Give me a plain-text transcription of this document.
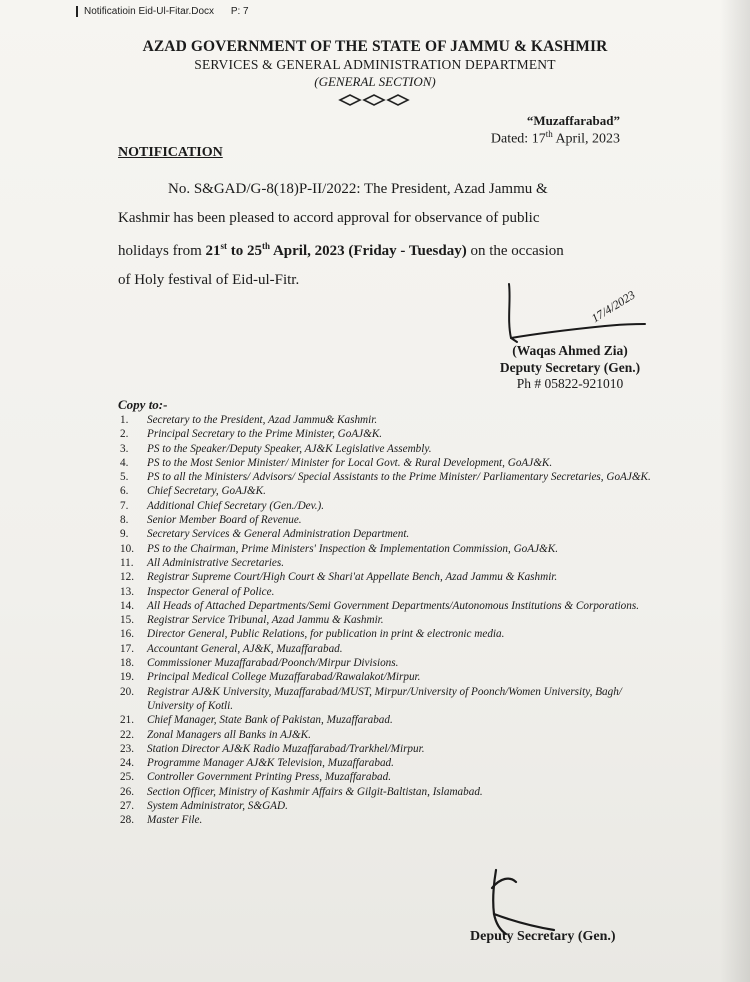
Notificatioin Eid-Ul-Fitar.Docx P: 7
AZAD GOVERNMENT OF THE STATE OF JAMMU & KASHMIR
SERVICES & GENERAL ADMINISTRATION DEPARTMENT
(GENERAL SECTION)
“Muzaffarabad”
Dated: 17th April, 2023
NOTIFICATION
No. S&GAD/G-8(18)P-II/2022: The President, Azad Jammu &
Kashmir has been pleased to accord approval for observance of public
holidays from 21st to 25th April, 2023 (Friday - Tuesday) on the occasion
of Holy festival of Eid-ul-Fitr.
17/4/2023
(Waqas Ahmed Zia)
Deputy Secretary (Gen.)
Ph # 05822-921010
Copy to:-
1.	Secretary to the President, Azad Jammu& Kashmir.
2.	Principal Secretary to the Prime Minister, GoAJ&K.
3.	PS to the Speaker/Deputy Speaker, AJ&K Legislative Assembly.
4.	PS to the Most Senior Minister/ Minister for Local Govt. & Rural Development, GoAJ&K.
5.	PS to all the Ministers/ Advisors/ Special Assistants to the Prime Minister/ Parliamentary Secretaries, GoAJ&K.
6.	Chief Secretary, GoAJ&K.
7.	Additional Chief Secretary (Gen./Dev.).
8.	Senior Member Board of Revenue.
9.	Secretary Services & General Administration Department.
10.	PS to the Chairman, Prime Ministers' Inspection & Implementation Commission, GoAJ&K.
11.	All Administrative Secretaries.
12.	Registrar Supreme Court/High Court & Shari'at Appellate Bench, Azad Jammu & Kashmir.
13.	Inspector General of Police.
14.	All Heads of Attached Departments/Semi Government Departments/Autonomous Institutions & Corporations.
15.	Registrar Service Tribunal, Azad Jammu & Kashmir.
16.	Director General, Public Relations, for publication in print & electronic media.
17.	Accountant General, AJ&K, Muzaffarabad.
18.	Commissioner Muzaffarabad/Poonch/Mirpur Divisions.
19.	Principal Medical College Muzaffarabad/Rawalakot/Mirpur.
20.	Registrar AJ&K University, Muzaffarabad/MUST, Mirpur/University of Poonch/Women University, Bagh/ University of Kotli.
21.	Chief Manager, State Bank of Pakistan, Muzaffarabad.
22.	Zonal Managers all Banks in AJ&K.
23.	Station Director AJ&K Radio Muzaffarabad/Trarkhel/Mirpur.
24.	Programme Manager AJ&K Television, Muzaffarabad.
25.	Controller Government Printing Press, Muzaffarabad.
26.	Section Officer, Ministry of Kashmir Affairs & Gilgit-Baltistan, Islamabad.
27.	System Administrator, S&GAD.
28.	Master File.
Deputy Secretary (Gen.)
